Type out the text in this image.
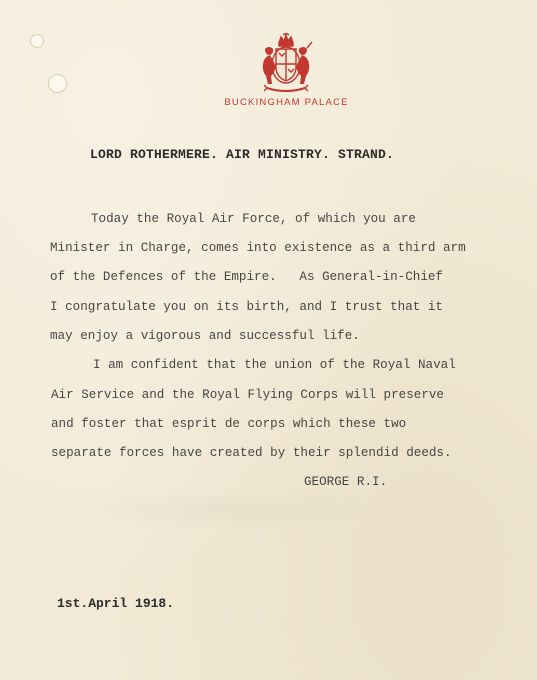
BUCKINGHAM PALACE
LORD ROTHERMERE. AIR MINISTRY. STRAND.
Today the Royal Air Force, of which you are
Minister in Charge, comes into existence as a third arm
of the Defences of the Empire.   As General-in-Chief
I congratulate you on its birth, and I trust that it
may enjoy a vigorous and successful life.
I am confident that the union of the Royal Naval
Air Service and the Royal Flying Corps will preserve
and foster that esprit de corps which these two
separate forces have created by their splendid deeds.
GEORGE R.I.
1st.April 1918.
